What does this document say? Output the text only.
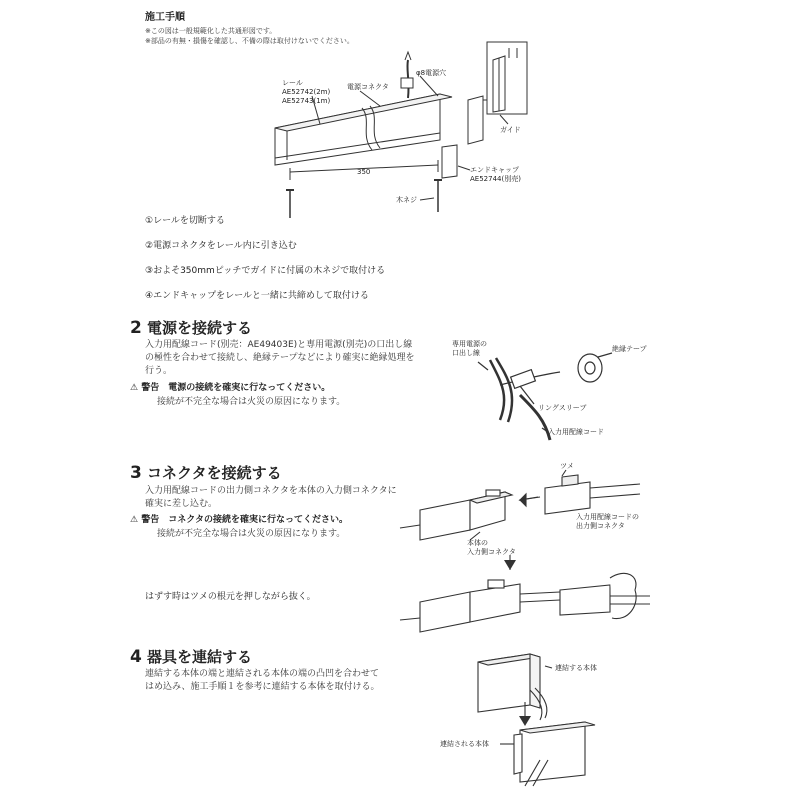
施工手順
※この図は一般規範化した共通形図です。
※部品の有無・損傷を確認し、不備の際は取付けないでください。
レール
AE52742(2m)
AE52743(1m)
電源コネクタ
φ8電源穴
ガイド
350	エンドキャップ
AE52744(別売)
木ネジ
①レールを切断する
②電源コネクタをレール内に引き込む
③およそ350mmピッチでガイドに付属の木ネジで取付ける
④エンドキャップをレールと一緒に共締めして取付ける
2 電源を接続する
入力用配線コード(別売：AE49403E)と専用電源(別売)の口出し線の極性を合わせて接続し、絶縁テープなどにより確実に絶縁処理を行う。
⚠ 警告　電源の接続を確実に行なってください。
接続が不完全な場合は火災の原因になります。
専用電源の
口出し線	絶縁テープ
リングスリーブ
入力用配線コード
3 コネクタを接続する
入力用配線コードの出力側コネクタを本体の入力側コネクタに確実に差し込む。
⚠ 警告　コネクタの接続を確実に行なってください。
接続が不完全な場合は火災の原因になります。
ツメ
入力用配線コードの
出力側コネクタ
本体の
入力側コネクタ
はずす時はツメの根元を押しながら抜く。
4 器具を連結する
連結する本体の端と連結される本体の端の凸凹を合わせてはめ込み、施工手順１を参考に連結する本体を取付ける。
連結する本体
連結される本体
